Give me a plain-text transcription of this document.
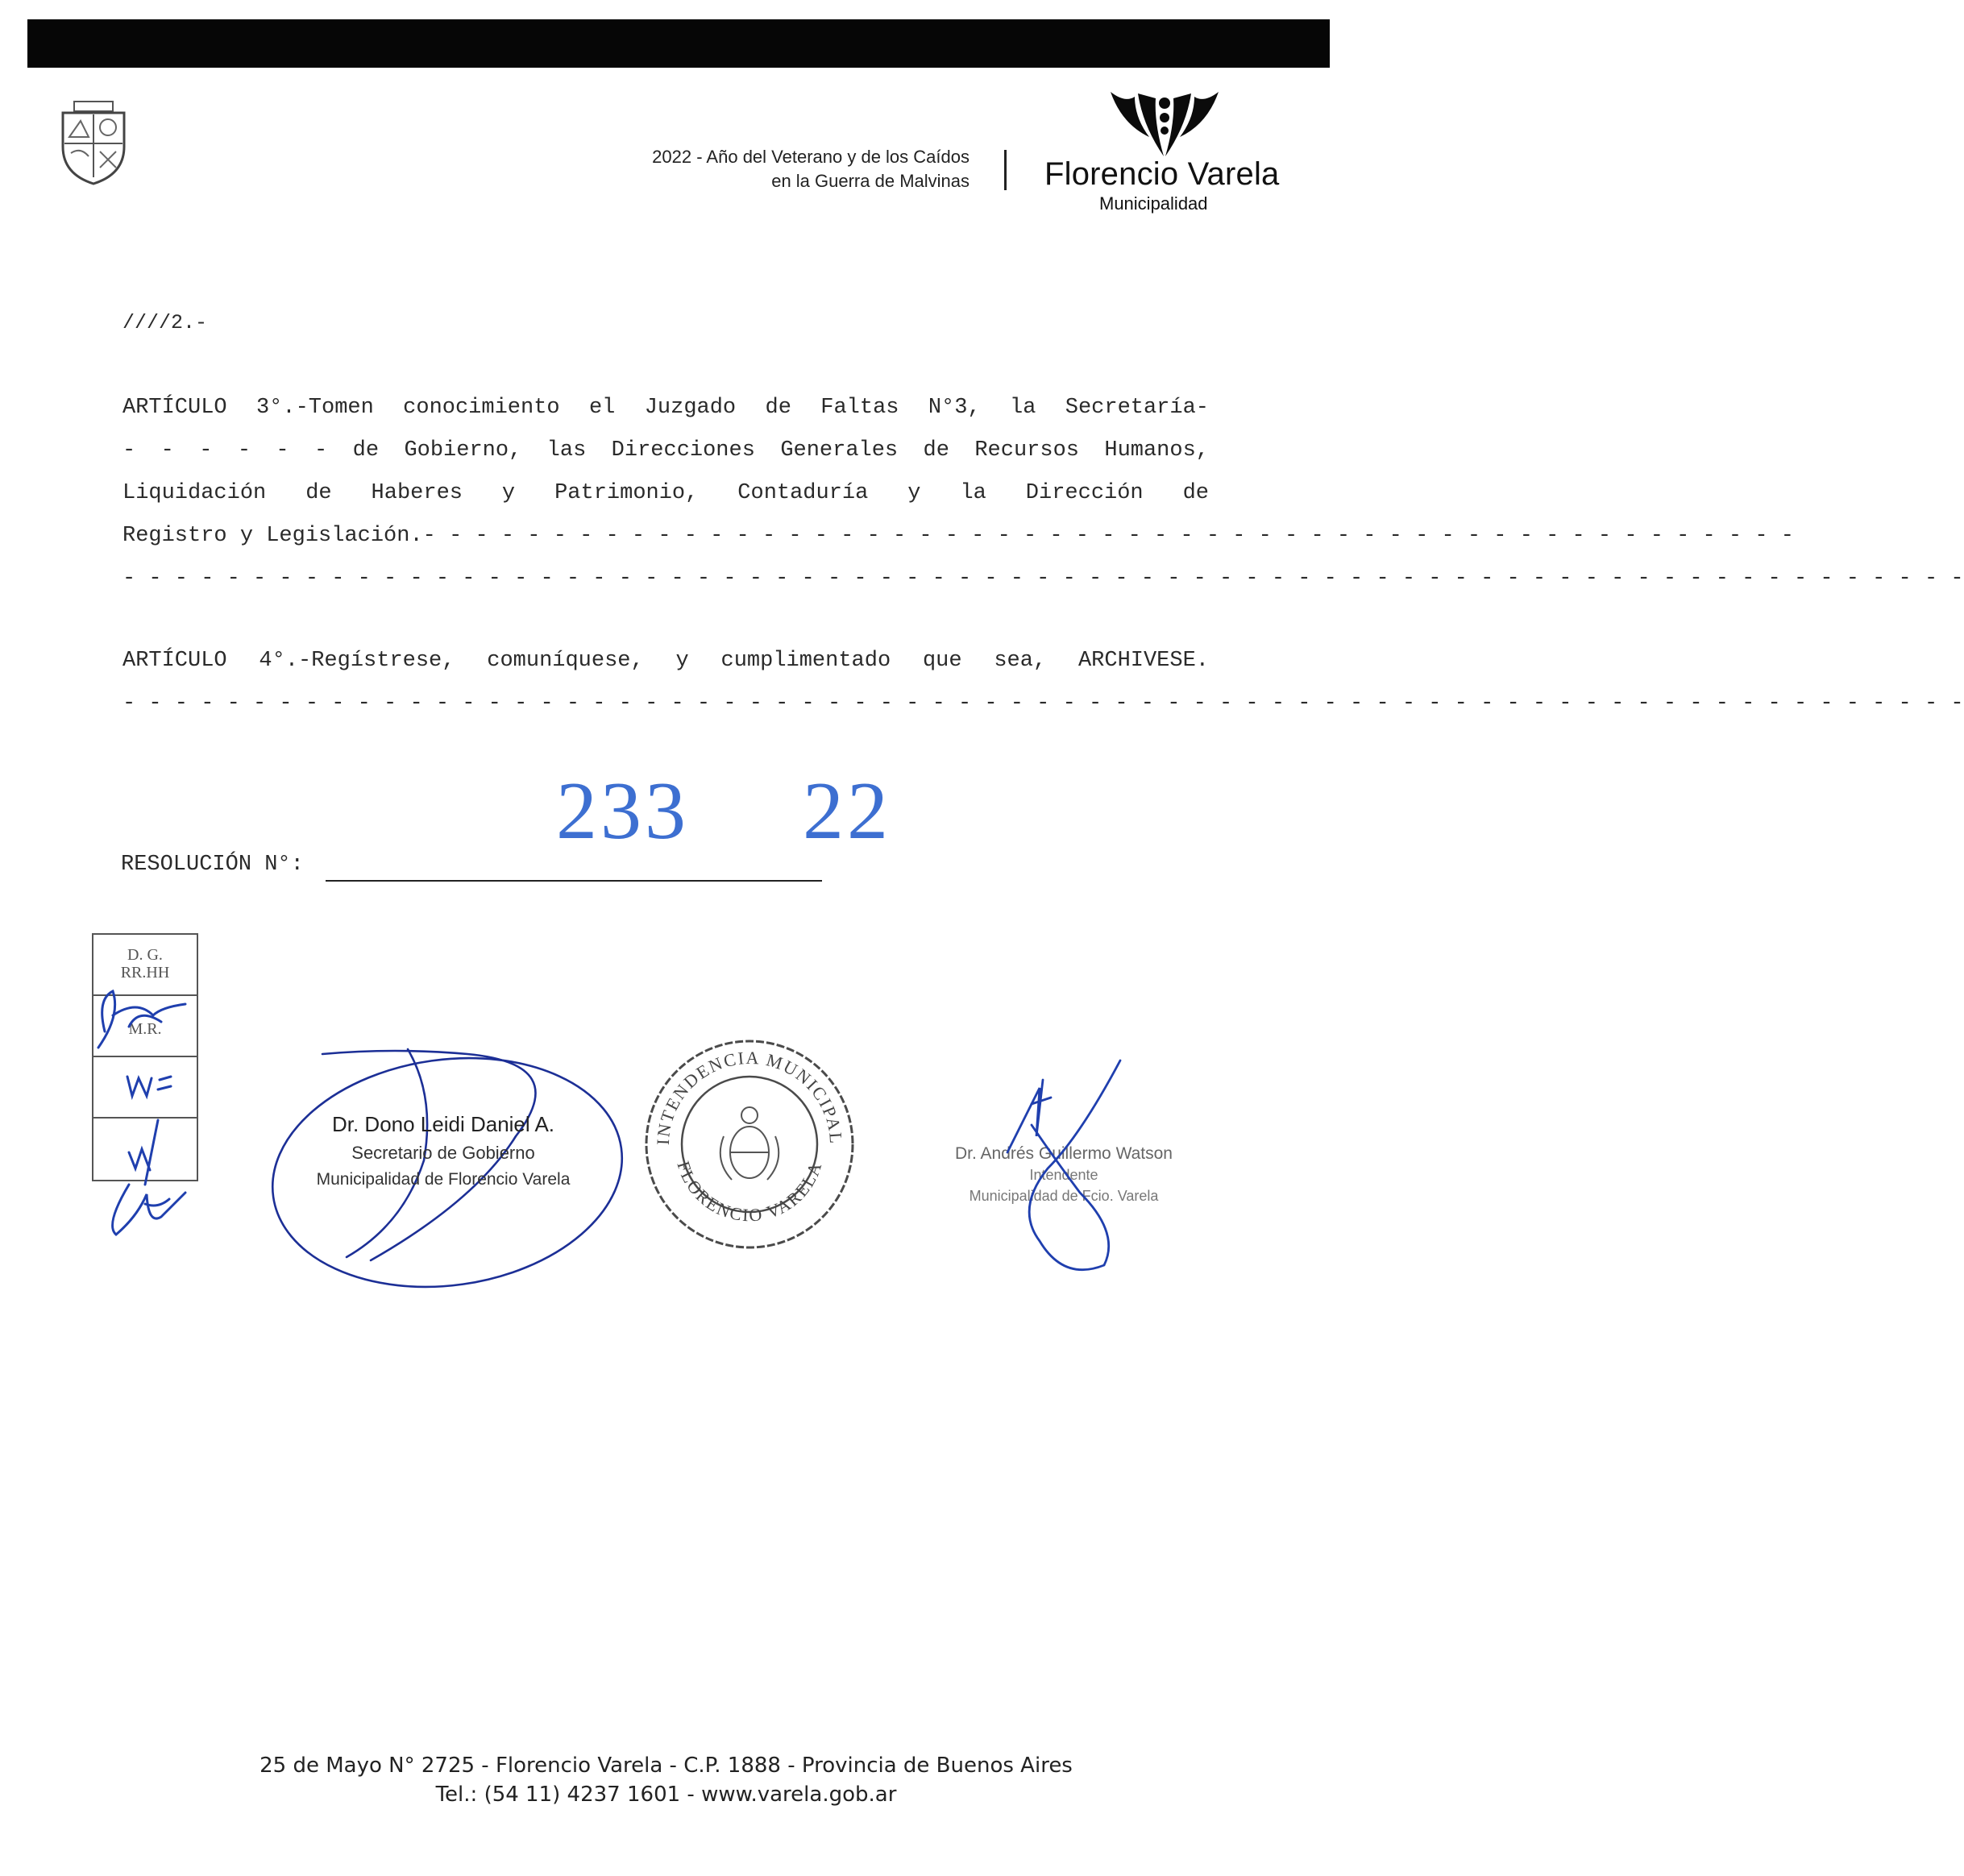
2022 - Año del Veterano y de los Caídos
en la Guerra de Malvinas Florencio Varela
Municipalidad
////2.-
ARTÍCULO 3°.-Tomen conocimiento el Juzgado de Faltas N°3, la Secretaría-
- - - - - - de Gobierno, las Direcciones Generales de Recursos Humanos,
Liquidación de Haberes y Patrimonio, Contaduría y la Dirección de
Registro y Legislación.- - - - - - - - - - - - - - - - - - - - - - - - - - - - - - - - - - - - - - - - - - - - - - - - - - - - -
- - - - - - - - - - - - - - - - - - - - - - - - - - - - - - - - - - - - - - - - - - - - - - - - - - - - - - - - - - - - - - - - - - - - - - -
ARTÍCULO 4°.-Regístrese, comuníquese, y cumplimentado que sea, ARCHIVESE.
- - - - - - - - - - - - - - - - - - - - - - - - - - - - - - - - - - - - - - - - - - - - - - - - - - - - - - - - - - - - - - - - - - - - - - -
233 22
RESOLUCIÓN N°:
D. G.
RR.HH
M.R.
Dr. Dono Leidi Daniel A.
Secretario de Gobierno
Municipalidad de Florencio Varela
INTENDENCIA MUNICIPAL
FLORENCIO VARELA
Dr. Andrés Guillermo Watson
Intendente
Municipalidad de Fcio. Varela
25 de Mayo N° 2725 - Florencio Varela - C.P. 1888 - Provincia de Buenos Aires
Tel.: (54 11) 4237 1601 - www.varela.gob.ar
